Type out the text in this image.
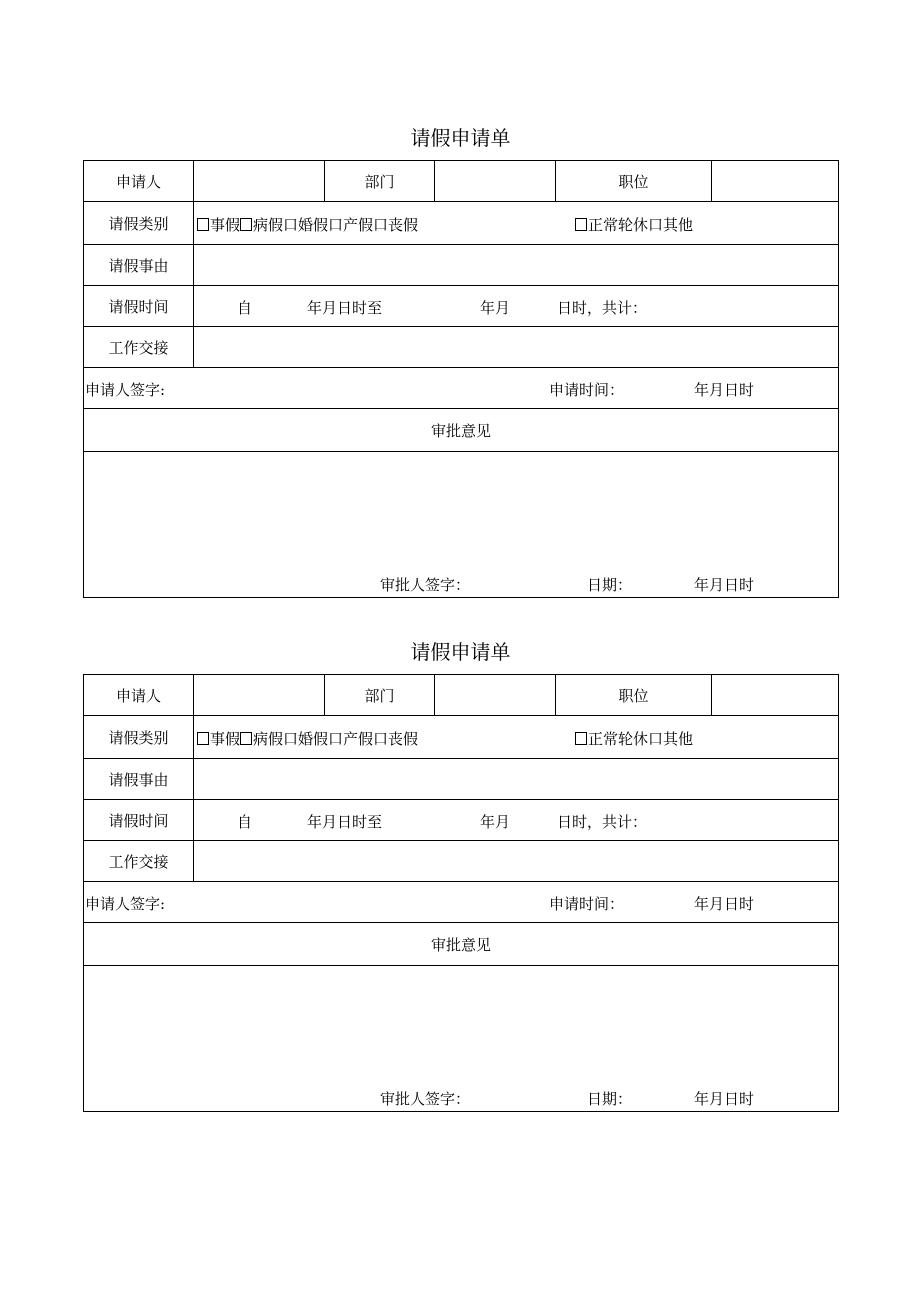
请假申请单
申请人		部门		职位	
请假类别	事假 病假口婚假口产假口丧假 正常轮休口其他				

请假事由					
请假时间	自 年月日时至 年月 日时，共计：				

工作交接					

申请人签字: 申请时间： 年月日时					

审批意见					

审批人签字： 日期： 年月日时					
请假申请单
申请人		部门		职位	
请假类别	事假 病假口婚假口产假口丧假 正常轮休口其他				

请假事由					
请假时间	自 年月日时至 年月 日时，共计：				

工作交接					

申请人签字: 申请时间： 年月日时					

审批意见					

审批人签字： 日期： 年月日时					
